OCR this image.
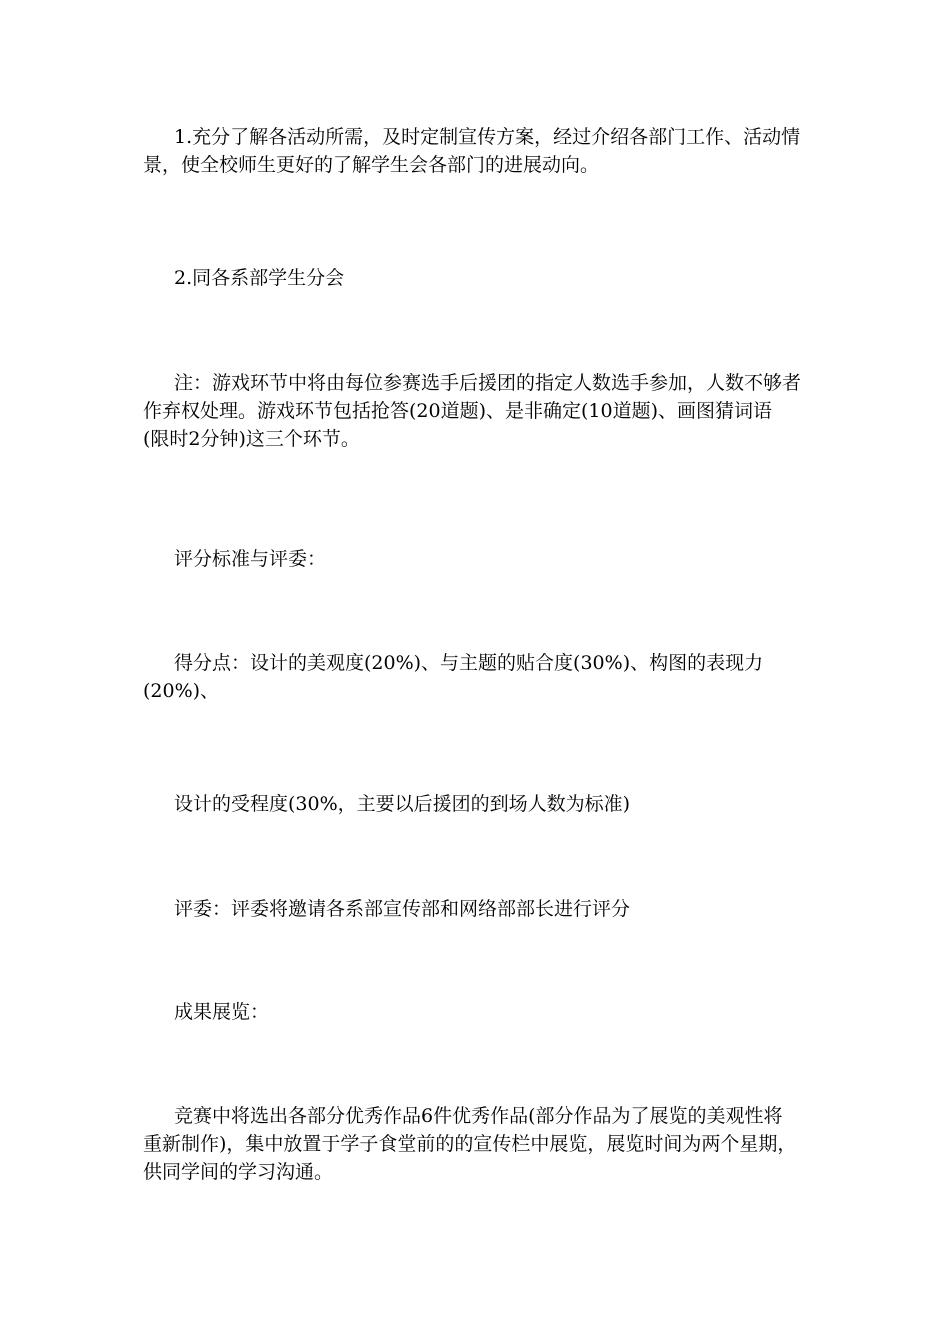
1.充分了解各活动所需，及时定制宣传方案，经过介绍各部门工作、活动情
景，使全校师生更好的了解学生会各部门的进展动向。

2.同各系部学生分会

注：游戏环节中将由每位参赛选手后援团的指定人数选手参加，人数不够者
作弃权处理。游戏环节包括抢答(20道题)、是非确定(10道题)、画图猜词语
(限时2分钟)这三个环节。

评分标准与评委：

得分点：设计的美观度(20%)、与主题的贴合度(30%)、构图的表现力
(20%)、

设计的受程度(30%，主要以后援团的到场人数为标准)

评委：评委将邀请各系部宣传部和网络部部长进行评分

成果展览：

竞赛中将选出各部分优秀作品6件优秀作品(部分作品为了展览的美观性将
重新制作)，集中放置于学子食堂前的的宣传栏中展览，展览时间为两个星期，
供同学间的学习沟通。
